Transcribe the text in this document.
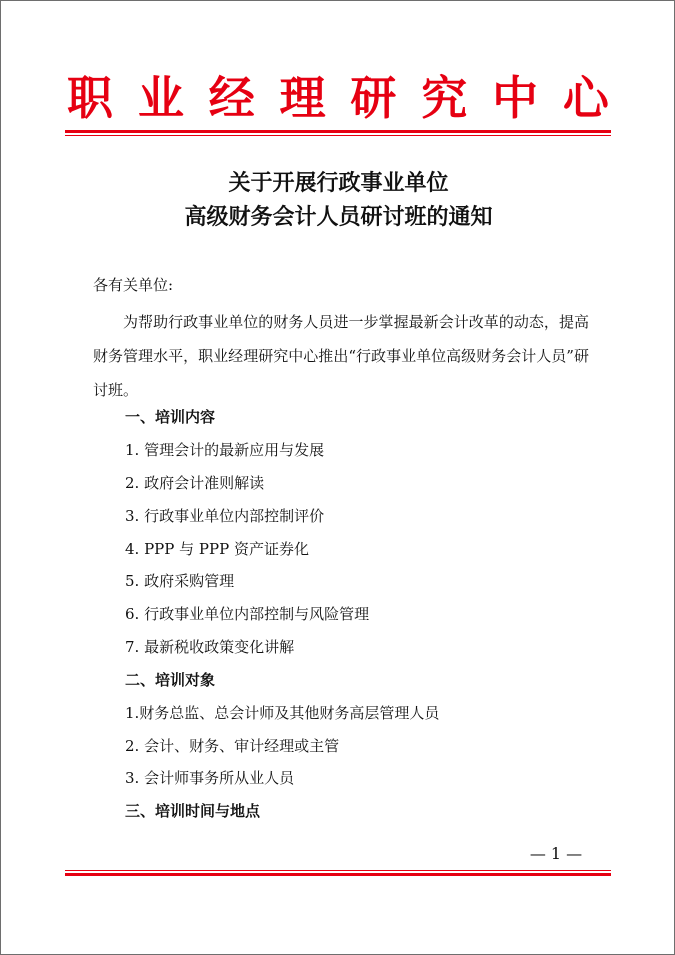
职 业 经 理 研 究 中 心
关于开展行政事业单位
高级财务会计人员研讨班的通知

各有关单位:

为帮助行政事业单位的财务人员进一步掌握最新会计改革的动态，提高财务管理水平，职业经理研究中心推出“行政事业单位高级财务会计人员”研讨班。

一、培训内容

1. 管理会计的最新应用与发展

2. 政府会计准则解读

3. 行政事业单位内部控制评价

4. PPP 与 PPP 资产证券化

5. 政府采购管理

6. 行政事业单位内部控制与风险管理

7. 最新税收政策变化讲解

二、培训对象

1.财务总监、总会计师及其他财务高层管理人员

2. 会计、财务、审计经理或主管

3. 会计师事务所从业人员

三、培训时间与地点

— 1 —
